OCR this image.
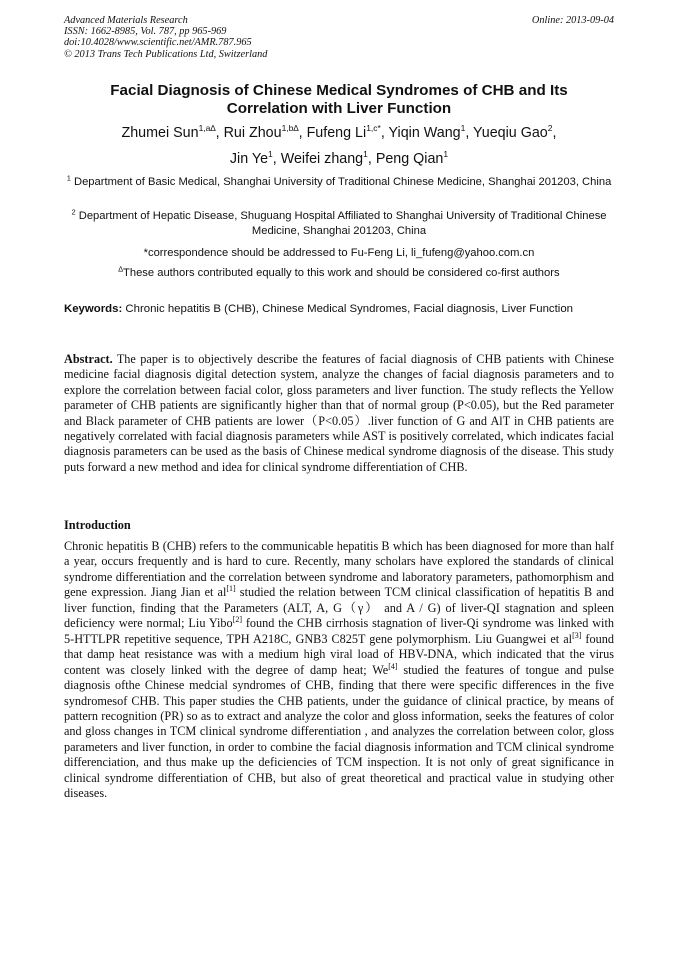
Advanced Materials Research
ISSN: 1662-8985, Vol. 787, pp 965-969
doi:10.4028/www.scientific.net/AMR.787.965
© 2013 Trans Tech Publications Ltd, Switzerland
Online: 2013-09-04
Facial Diagnosis of Chinese Medical Syndromes of CHB and Its Correlation with Liver Function
Zhumei Sun$^{1,a\Delta}$, Rui Zhou$^{1,b\Delta}$, Fufeng $Li^{1,c*}$, Yiqin Wang$^1$, Yueqiu Gao$^2$,
Jin Ye$^1$, Weifei zhang$^1$, Peng Qian$^1$
$^1$ Department of Basic Medical, Shanghai University of Traditional Chinese Medicine, Shanghai 201203, China
$^2$ Department of Hepatic Disease, Shuguang Hospital Affiliated to Shanghai University of Traditional Chinese Medicine, Shanghai 201203, China
*correspondence should be addressed to Fu-Feng Li, li_fufeng@yahoo.com.cn
∆These authors contributed equally to this work and should be considered co-first authors
Keywords: Chronic hepatitis B (CHB), Chinese Medical Syndromes, Facial diagnosis, Liver Function
Abstract. The paper is to objectively describe the features of facial diagnosis of CHB patients with Chinese medicine facial diagnosis digital detection system, analyze the changes of facial diagnosis parameters and to explore the correlation between facial color, gloss parameters and liver function. The study reflects the Yellow parameter of CHB patients are significantly higher than that of normal group (P<0.05), but the Red parameter and Black parameter of CHB patients are lower（P<0.05）.liver function of G and AlT in CHB patients are negatively correlated with facial diagnosis parameters while AST is positively correlated, which indicates facial diagnosis parameters can be used as the basis of Chinese medical syndrome diagnosis of the disease. This study puts forward a new method and idea for clinical syndrome differentiation of CHB.
Introduction
Chronic hepatitis B (CHB) refers to the communicable hepatitis B which has been diagnosed for more than half a year, occurs frequently and is hard to cure. Recently, many scholars have explored the standards of clinical syndrome differentiation and the correlation between syndrome and laboratory parameters, pathomorphism and gene expression. Jiang Jian et al[1] studied the relation between TCM clinical classification of hepatitis B and liver function, finding that the Parameters (ALT, A, G（γ） and A / G) of liver-QI stagnation and spleen deficiency were normal; Liu Yibo[2] found the CHB cirrhosis stagnation of liver-Qi syndrome was linked with 5-HTTLPR repetitive sequence, TPH A218C, GNB3 C825T gene polymorphism. Liu Guangwei et al[3] found that damp heat resistance was with a medium high viral load of HBV-DNA, which indicated that the virus content was closely linked with the degree of damp heat; We[4] studied the features of tongue and pulse diagnosis ofthe Chinese medcial syndromes of CHB, finding that there were specific differences in the five syndromesof CHB. This paper studies the CHB patients, under the guidance of clinical practice, by means of pattern recognition (PR) so as to extract and analyze the color and gloss information, seeks the features of color and gloss changes in TCM clinical syndrome differentiation , and analyzes the correlation between color, gloss parameters and liver function, in order to combine the facial diagnosis information and TCM clinical syndrome differenciation, and thus make up the deficiencies of TCM inspection. It is not only of great significance in clinical syndrome differentiation of CHB, but also of great theoretical and practical value in studying other diseases.
